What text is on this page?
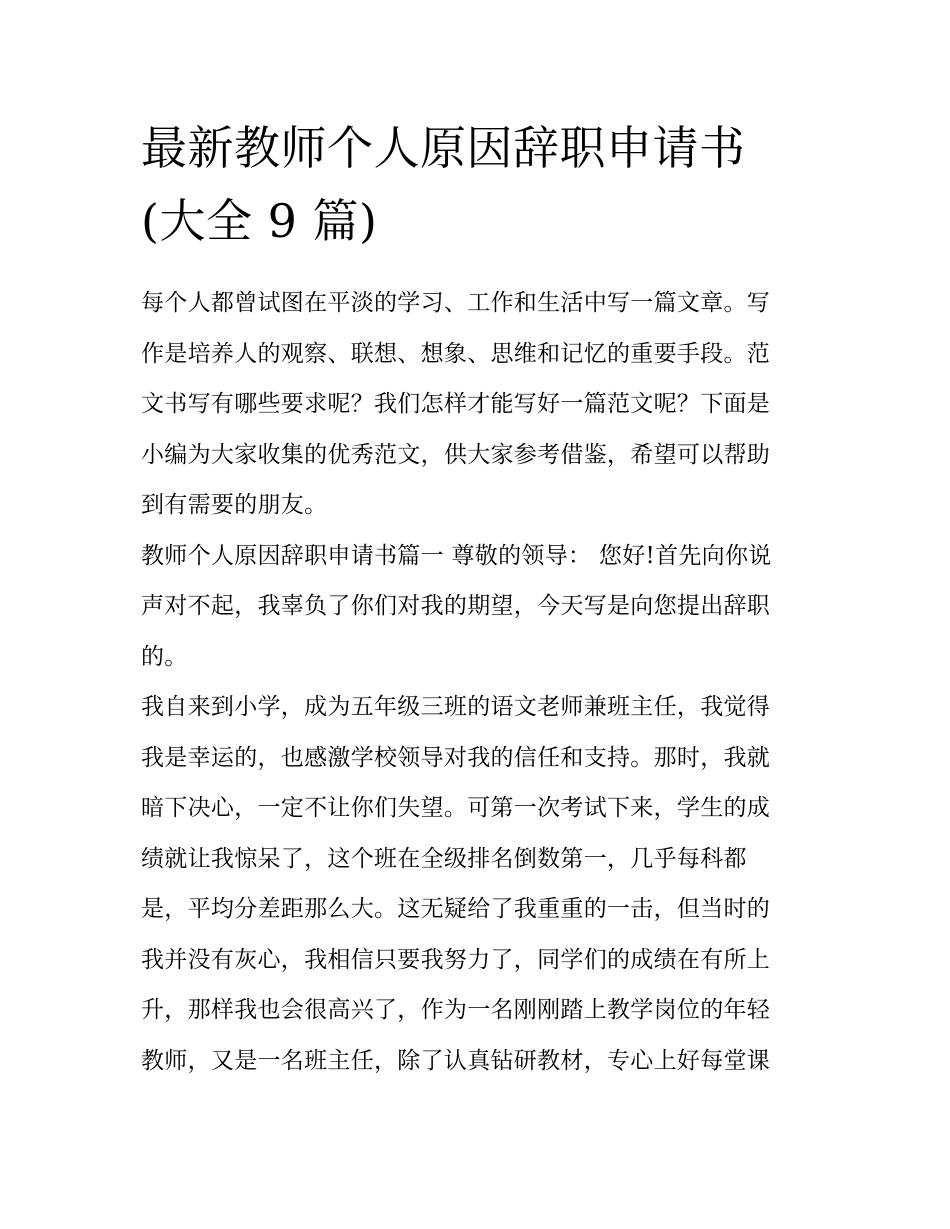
最新教师个人原因辞职申请书
(大全 9 篇)

每个人都曾试图在平淡的学习、工作和生活中写一篇文章。写
作是培养人的观察、联想、想象、思维和记忆的重要手段。范
文书写有哪些要求呢？我们怎样才能写好一篇范文呢？下面是
小编为大家收集的优秀范文，供大家参考借鉴，希望可以帮助
到有需要的朋友。

教师个人原因辞职申请书篇一 尊敬的领导： 您好!首先向你说
声对不起，我辜负了你们对我的期望，今天写是向您提出辞职
的。

我自来到小学，成为五年级三班的语文老师兼班主任，我觉得
我是幸运的，也感激学校领导对我的信任和支持。那时，我就
暗下决心，一定不让你们失望。可第一次考试下来，学生的成
绩就让我惊呆了，这个班在全级排名倒数第一，几乎每科都
是，平均分差距那么大。这无疑给了我重重的一击，但当时的
我并没有灰心，我相信只要我努力了，同学们的成绩在有所上
升，那样我也会很高兴了，作为一名刚刚踏上教学岗位的年轻
教师，又是一名班主任，除了认真钻研教材，专心上好每堂课
